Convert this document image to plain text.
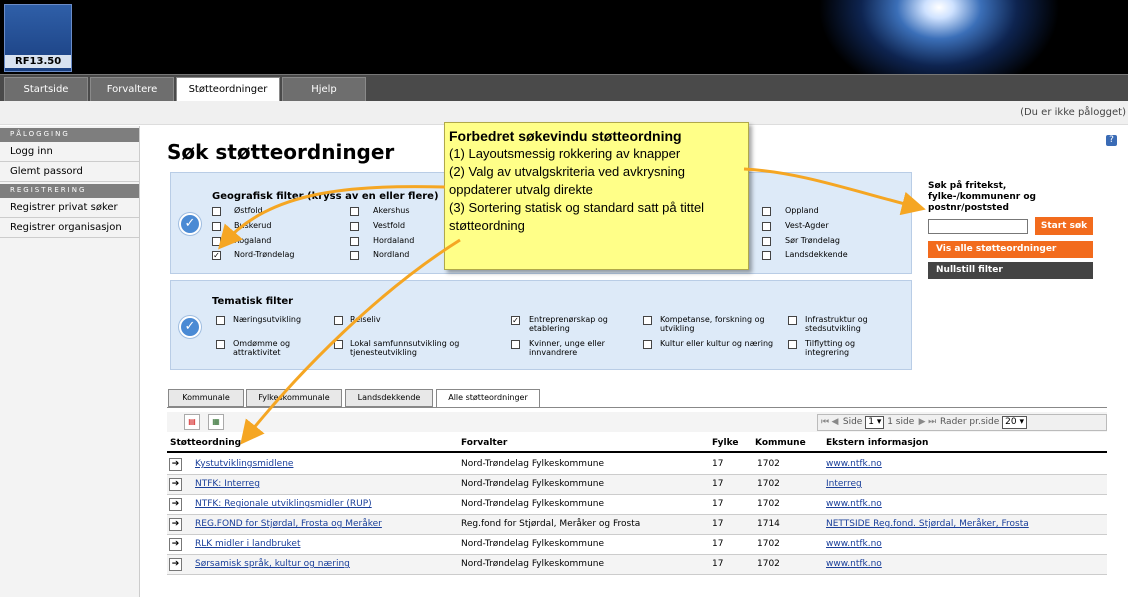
RF13.50
Startside	Forvaltere	Støtteordninger	Hjelp
(Du er ikke pålogget)
PÅLOGGING
Logg inn
Glemt passord
REGISTRERING
Registrer privat søker
Registrer organisasjon
Søk støtteordninger	?
✓
Geografisk filter (kryss av en eller flere)
Østfold
Buskerud
Rogaland
✓ Nord-Trøndelag
Akershus
Vestfold
Hordaland
Nordland
Oppland
Vest-Agder
Sør Trøndelag
Landsdekkende
✓
Tematisk filter
Næringsutvikling	Reiseliv	✓ Entreprenørskap og etablering
Kompetanse, forskning og utvikling
Infrastruktur og stedsutvikling
Omdømme og attraktivitet
Lokal samfunnsutvikling og tjenesteutvikling
Kvinner, unge eller innvandrere
Kultur eller kultur og næring	Tilflytting og integrering
Søk på fritekst, fylke-/kommunenr og postnr/poststed
Start søk
Vis alle støtteordninger
Nullstill filter
Kommunale	Fylkeskommunale	Landsdekkende	Alle støtteordninger
▤	▦	⏮ ◀ Side 1 ▾ 1 side ▶ ⏭ Rader pr.side 20 ▾
Støtteordning	Forvalter	Fylke Kommune Ekstern informasjon
➔	Kystutviklingsmidlene	Nord-Trøndelag Fylkeskommune	17	1702	www.ntfk.no
➔	NTFK: Interreg	Nord-Trøndelag Fylkeskommune	17	1702	Interreg
➔	NTFK: Regionale utviklingsmidler (RUP)	Nord-Trøndelag Fylkeskommune	17	1702	www.ntfk.no
➔	REG.FOND for Stjørdal, Frosta og Meråker	Reg.fond for Stjørdal, Meråker og Frosta	17	1714	NETTSIDE Reg.fond. Stjørdal, Meråker, Frosta
➔	RLK midler i landbruket	Nord-Trøndelag Fylkeskommune	17	1702	www.ntfk.no
➔	Sørsamisk språk, kultur og næring	Nord-Trøndelag Fylkeskommune	17	1702	www.ntfk.no
Forbedret søkevindu støtteordning
(1) Layoutsmessig rokkering av knapper
(2) Valg av utvalgskriteria ved avkrysning oppdaterer utvalg direkte
(3) Sortering statisk og standard satt på tittel støtteordning
